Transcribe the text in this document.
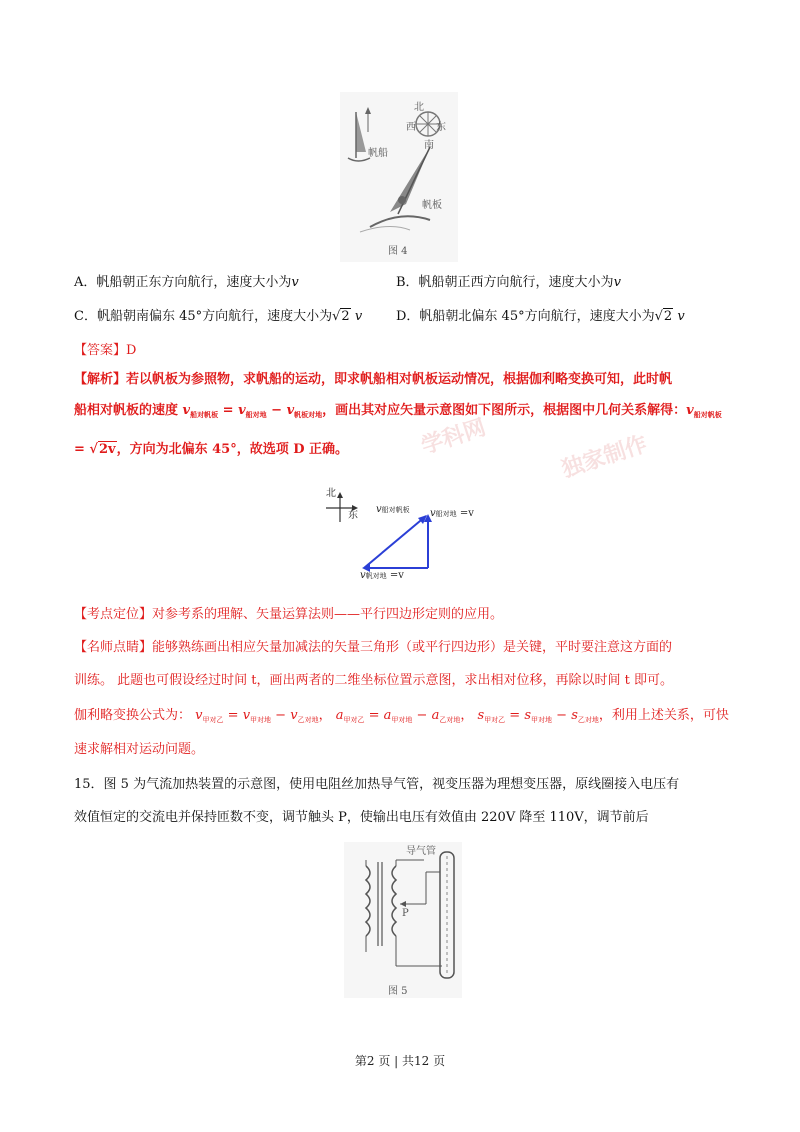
学科网	独家制作
北
东
西
南
帆船
帆板
图 4
A．帆船朝正东方向航行，速度大小为v	B．帆船朝正西方向航行，速度大小为v
C．帆船朝南偏东 45°方向航行，速度大小为√2 v	D．帆船朝北偏东 45°方向航行，速度大小为√2 v
【答案】D
【解析】若以帆板为参照物，求帆船的运动，即求帆船相对帆板运动情况，根据伽利略变换可知，此时帆
船相对帆板的速度 $v_{船对帆板} = v_{船对地} - v_{帆板对地}$，画出其对应矢量示意图如下图所示，根据图中几何关系解得：$v_{船对帆板}$
= √2v，方向为北偏东 45°，故选项 D 正确。
北
东
v船对帆板 v船对地 =v
v帆对地 =v
【考点定位】对参考系的理解、矢量运算法则——平行四边形定则的应用。
【名师点睛】能够熟练画出相应矢量加减法的矢量三角形（或平行四边形）是关键，平时要注意这方面的
训练。 此题也可假设经过时间 t，画出两者的二维坐标位置示意图，求出相对位移，再除以时间 t 即可。
伽利略变换公式为： $v_{甲对乙} = v_{甲对地} - v_{乙对地}$， $a_{甲对乙} = a_{甲对地} - a_{乙对地}$， $s_{甲对乙} = s_{甲对地} - s_{乙对地}$，利用上述关系，可快
速求解相对运动问题。
15．图 5 为气流加热装置的示意图，使用电阻丝加热导气管，视变压器为理想变压器，原线圈接入电压有
效值恒定的交流电并保持匝数不变，调节触头 P，使输出电压有效值由 220V 降至 110V，调节前后
导气管
P
图 5
第2 页 | 共12 页
